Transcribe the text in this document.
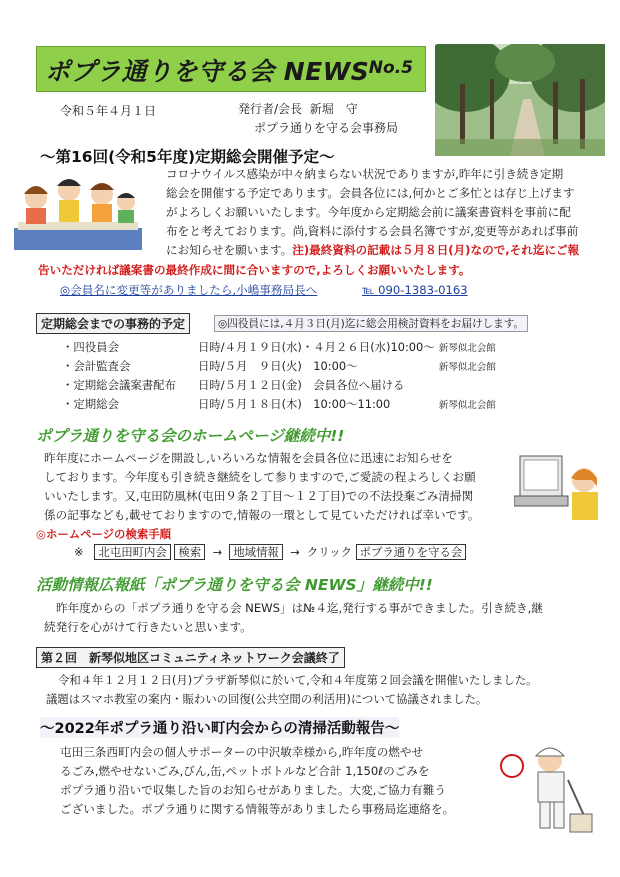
ポプラ通りを守る会 NEWS No.5
令和５年４月１日	発行者/会長 新堀　守
ポプラ通りを守る会事務局
～第16回(令和5年度)定期総会開催予定～
コロナウイルス感染が中々納まらない状況でありますが,昨年に引き続き定期
総会を開催する予定であります。会員各位には,何かとご多忙とは存じ上げます
がよろしくお願いいたします。今年度から定期総会前に議案書資料を事前に配
布をと考えております。尚,資料に添付する会員名簿ですが,変更等があれば事前
にお知らせを願います。注)最終資料の記載は５月８日(月)なので,それ迄にご報
告いただければ議案書の最終作成に間に合いますので,よろしくお願いいたします。
◎会員名に変更等がありましたら,小嶋事務局長へ	℡ 090-1383-0163
定期総会までの事務的予定	◎四役員には,４月３日(月)迄に総会用検討資料をお届けします。
・四役員会	日時/４月１９日(水)・４月２６日(水)10:00～	新琴似北会館
・会計監査会	日時/５月　９日(火)　10:00～	新琴似北会館
・定期総会議案書配布	日時/５月１２日(金)　会員各位へ届ける	
・定期総会	日時/５月１８日(木)　10:00～11:00	新琴似北会館
ポプラ通りを守る会のホームページ継続中!!
昨年度にホームページを開設し,いろいろな情報を会員各位に迅速にお知らせを
しております。今年度も引き続き継続をして参りますので,ご愛読の程よろしくお願
いいたします。又,屯田防風林(屯田９条２丁目～１２丁目)での不法投棄ごみ清掃関
係の記事なども,載せておりますので,情報の一環として見ていただければ幸いです。
◎ホームページの検索手順
※ 北屯田町内会 検索 → 地域情報 → クリック ポプラ通りを守る会
活動情報広報紙「ポプラ通りを守る会 NEWS」継続中!!
昨年度からの「ポプラ通りを守る会 NEWS」は№４迄,発行する事ができました。引き続き,継
続発行を心がけて行きたいと思います。
第２回　新琴似地区コミュニティネットワーク会議終了
令和４年１２月１２日(月)プラザ新琴似に於いて,令和４年度第２回会議を開催いたしました。
議題はスマホ教室の案内・賑わいの回復(公共空間の利活用)について協議されました。
～2022年ポプラ通り沿い町内会からの清掃活動報告～
屯田三条西町内会の個人サポーターの中沢敏幸様から,昨年度の燃やせ
るごみ,燃やせないごみ,びん,缶,ペットボトルなど合計 1,150ℓのごみを
ポプラ通り沿いで収集した旨のお知らせがありました。大変,ご協力有難う
ございました。ポプラ通りに関する情報等がありましたら事務局迄連絡を。
